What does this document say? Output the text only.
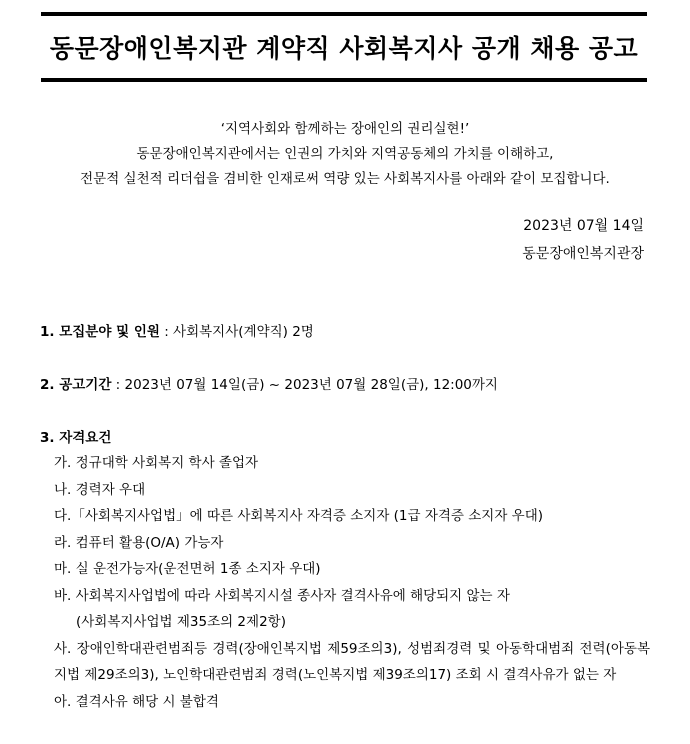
동문장애인복지관 계약직 사회복지사 공개 채용 공고
‘지역사회와 함께하는 장애인의 권리실현!’
동문장애인복지관에서는 인권의 가치와 지역공동체의 가치를 이해하고,
전문적 실천적 리더쉽을 겸비한 인재로써 역량 있는 사회복지사를 아래와 같이 모집합니다.
2023년 07월 14일
동문장애인복지관장
1. 모집분야 및 인원 : 사회복지사(계약직) 2명
2. 공고기간 : 2023년 07월 14일(금) ~ 2023년 07월 28일(금), 12:00까지
3. 자격요건
가. 정규대학 사회복지 학사 졸업자
나. 경력자 우대
다.「사회복지사업법」에 따른 사회복지사 자격증 소지자 (1급 자격증 소지자 우대)
라. 컴퓨터 활용(O/A) 가능자
마. 실 운전가능자(운전면허 1종 소지자 우대)
바. 사회복지사업법에 따라 사회복지시설 종사자 결격사유에 해당되지 않는 자
(사회복지사업법 제35조의 2제2항)
사. 장애인학대관련범죄등 경력(장애인복지법 제59조의3), 성범죄경력 및 아동학대범죄 전력(아동복지법 제29조의3), 노인학대관련범죄 경력(노인복지법 제39조의17) 조회 시 결격사유가 없는 자
아. 결격사유 해당 시 불합격
